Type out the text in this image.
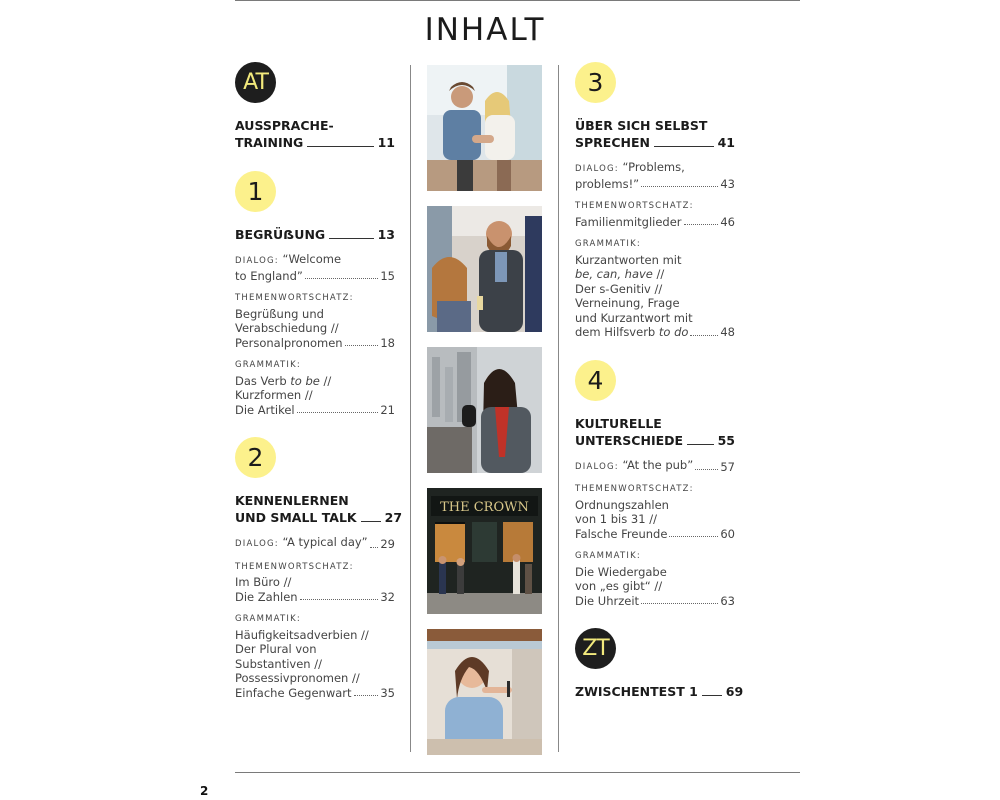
INHALT
AT
AUSSPRACHE-
TRAINING	11
1
BEGRÜẞUNG	13
DIALOG: “Welcome
to England”	15
THEMENWORTSCHATZ:
Begrüßung und
Verabschiedung //
Personalpronomen	18
GRAMMATIK:
Das Verb to be //
Kurzformen //
Die Artikel	21
2
KENNENLERNEN
UND SMALL TALK 27
DIALOG: “A typical day” 29
THEMENWORTSCHATZ:
Im Büro //
Die Zahlen	32
GRAMMATIK:
Häufigkeitsadverbien //
Der Plural von
Substantiven //
Possessivpronomen //
Einfache Gegenwart	35
THE CROWN
3
ÜBER SICH SELBST
SPRECHEN	41
DIALOG: “Problems,
problems!”	43
THEMENWORTSCHATZ:
Familienmitglieder	46
GRAMMATIK:
Kurzantworten mit
be, can, have //
Der s-Genitiv //
Verneinung, Frage
und Kurzantwort mit
dem Hilfsverb to do	48
4
KULTURELLE
UNTERSCHIEDE	55
DIALOG: “At the pub” 57
THEMENWORTSCHATZ:
Ordnungszahlen
von 1 bis 31 //
Falsche Freunde	60
GRAMMATIK:
Die Wiedergabe
von „es gibt“ //
Die Uhrzeit	63
ZT
ZWISCHENTEST 1 69
2
